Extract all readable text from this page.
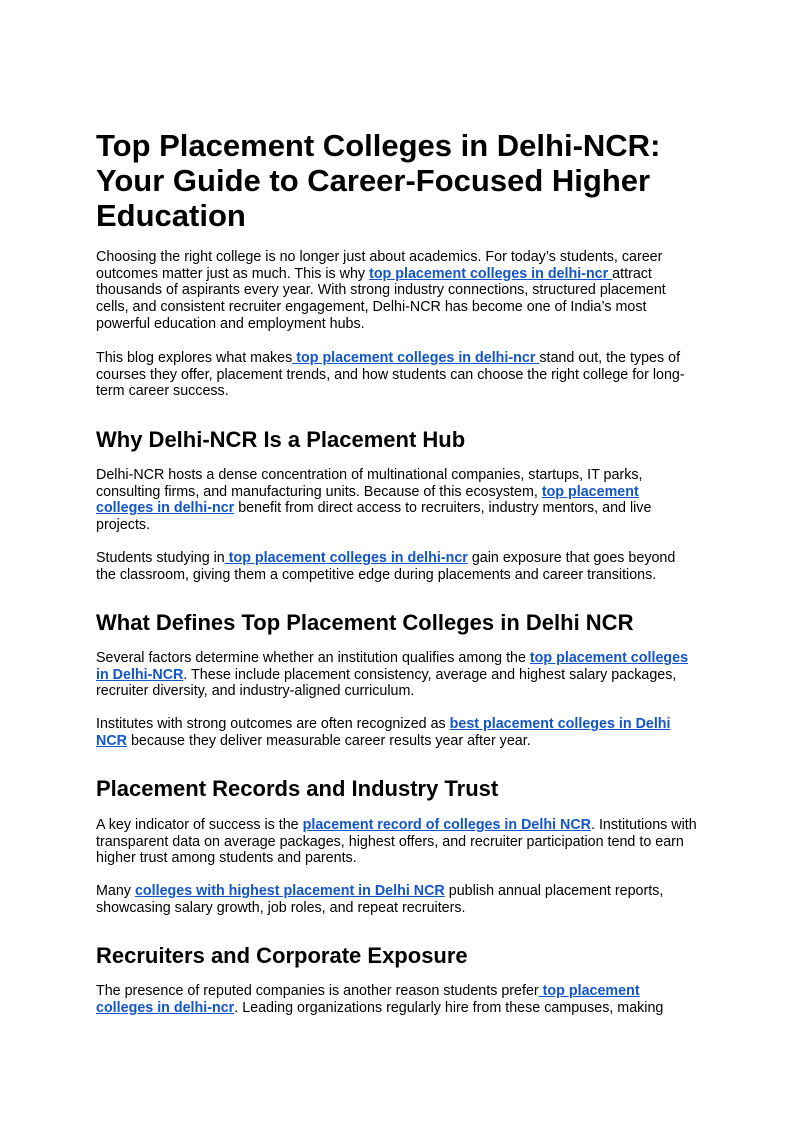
Top Placement Colleges in Delhi-NCR: Your Guide to Career-Focused Higher Education

Choosing the right college is no longer just about academics. For today’s students, career outcomes matter just as much. This is why top placement colleges in delhi-ncr attract thousands of aspirants every year. With strong industry connections, structured placement cells, and consistent recruiter engagement, Delhi-NCR has become one of India’s most powerful education and employment hubs.

This blog explores what makes top placement colleges in delhi-ncr stand out, the types of courses they offer, placement trends, and how students can choose the right college for long-term career success.

Why Delhi-NCR Is a Placement Hub

Delhi-NCR hosts a dense concentration of multinational companies, startups, IT parks, consulting firms, and manufacturing units. Because of this ecosystem, top placement colleges in delhi-ncr benefit from direct access to recruiters, industry mentors, and live projects.

Students studying in top placement colleges in delhi-ncr gain exposure that goes beyond the classroom, giving them a competitive edge during placements and career transitions.

What Defines Top Placement Colleges in Delhi NCR

Several factors determine whether an institution qualifies among the top placement colleges in Delhi-NCR. These include placement consistency, average and highest salary packages, recruiter diversity, and industry-aligned curriculum.

Institutes with strong outcomes are often recognized as best placement colleges in Delhi NCR because they deliver measurable career results year after year.

Placement Records and Industry Trust

A key indicator of success is the placement record of colleges in Delhi NCR. Institutions with transparent data on average packages, highest offers, and recruiter participation tend to earn higher trust among students and parents.

Many colleges with highest placement in Delhi NCR publish annual placement reports, showcasing salary growth, job roles, and repeat recruiters.

Recruiters and Corporate Exposure

The presence of reputed companies is another reason students prefer top placement colleges in delhi-ncr. Leading organizations regularly hire from these campuses, making
